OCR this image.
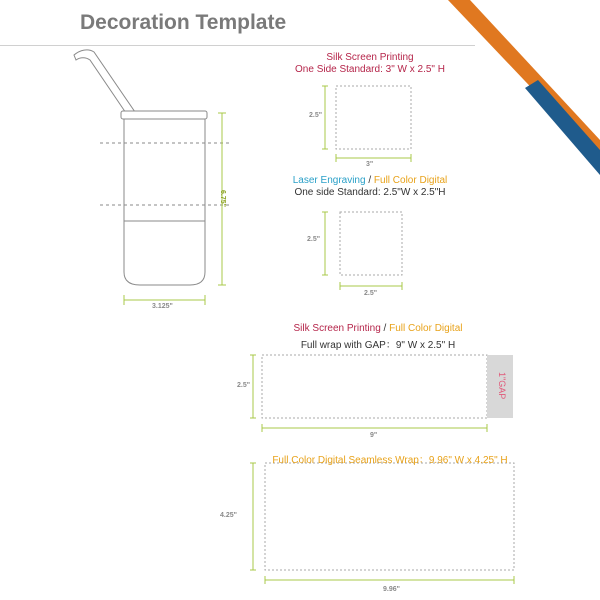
Decoration Template
6.75"
3.125"
Silk Screen Printing
One Side Standard: 3" W x 2.5" H
2.5"
3"
Laser Engraving / Full Color Digital
One side Standard: 2.5"W x 2.5"H
2.5"
2.5"
Silk Screen Printing / Full Color Digital
Full wrap with GAP：9" W x 2.5" H
2.5"
9"
1"GAP
Full Color Digital Seamless Wrap：9.96" W x 4.25" H
4.25"
9.96"
